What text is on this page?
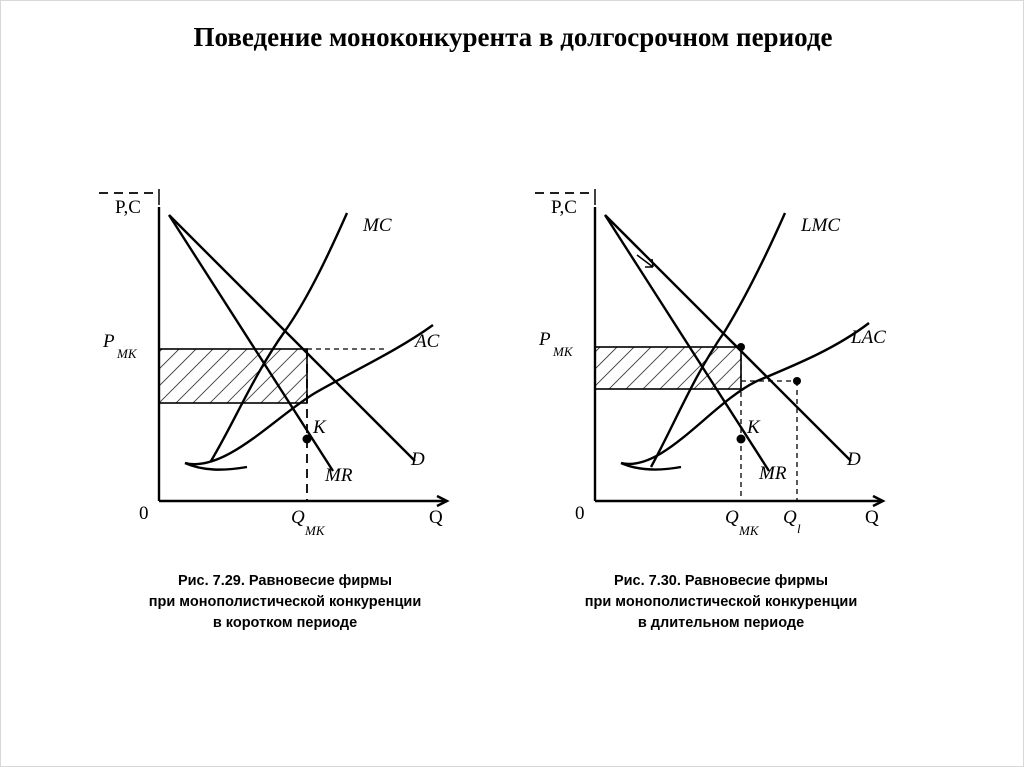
Поведение моноконкурента в долгосрочном периоде
P,C
0	Q
P
МК
Q
МК
K
MC
AC
MR
D
Рис. 7.29. Равновесие фирмы
при монополистической конкуренции
в коротком периоде
P,C
0	Q
P
МК
Q
МК
Q
l
K
LMC
LAC
MR
D
Рис. 7.30. Равновесие фирмы
при монополистической конкуренции
в длительном периоде
